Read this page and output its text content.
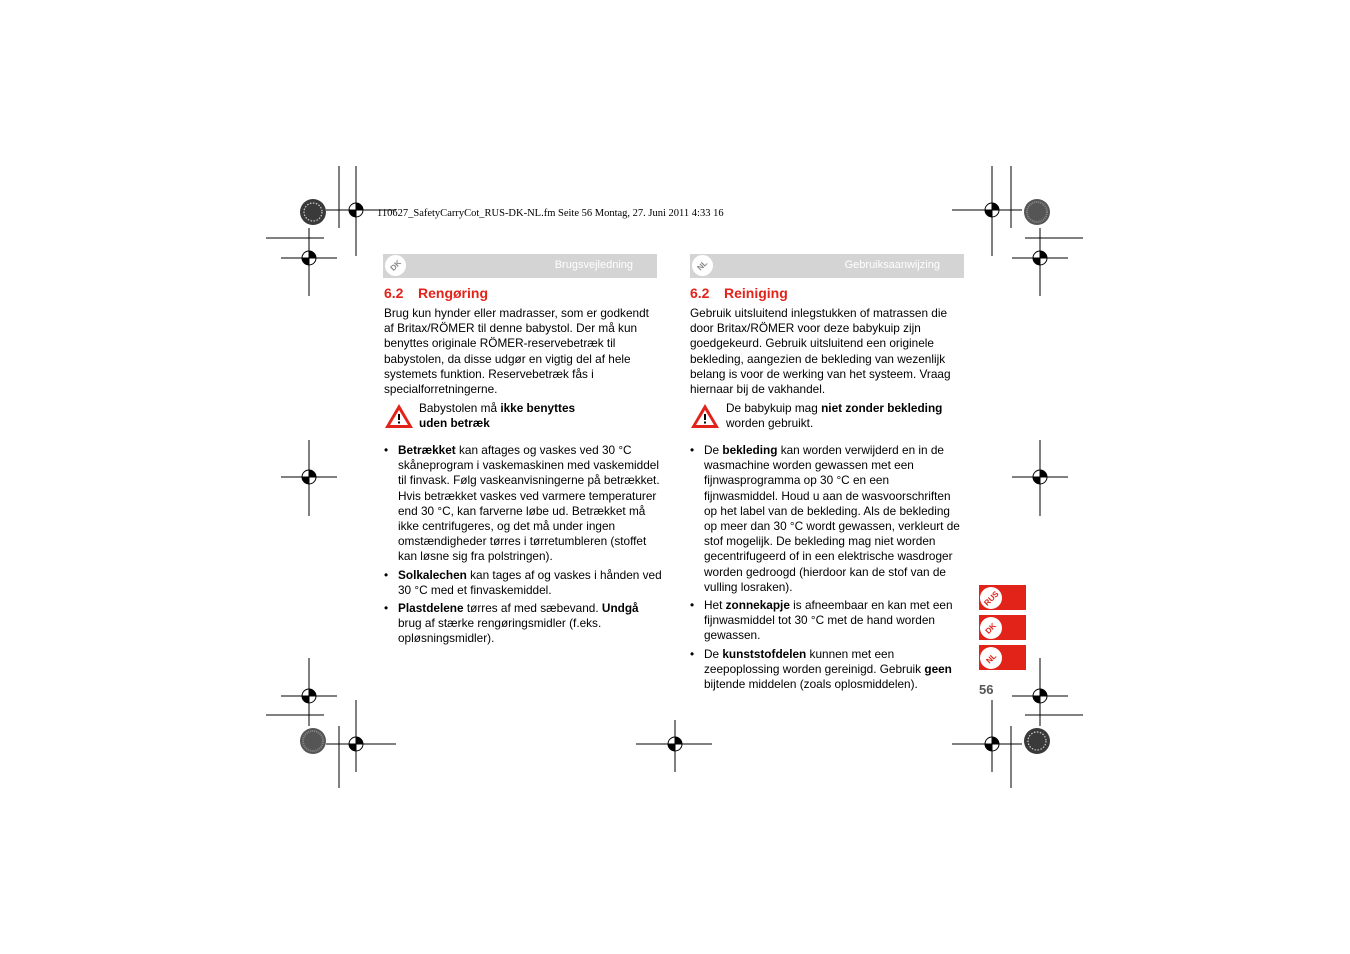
110627_SafetyCarryCot_RUS-DK-NL.fm Seite 56 Montag, 27. Juni 2011 4:33 16
DK	Brugsvejledning
6.2 Rengøring
Brug kun hynder eller madrasser, som er godkendt af Britax/RÖMER til denne babystol. Der må kun benyttes originale RÖMER-reservebetræk til babystolen, da disse udgør en vigtig del af hele systemets funktion. Reservebetræk fås i specialforretningerne.
Babystolen må ikke benyttes uden betræk
• Betrækket kan aftages og vaskes ved 30 °C skåneprogram i vaskemaskinen med vaskemiddel til finvask. Følg vaskeanvisningerne på betrækket. Hvis betrækket vaskes ved varmere temperaturer end 30 °C, kan farverne løbe ud. Betrækket må ikke centrifugeres, og det må under ingen omstændigheder tørres i tørretumbleren (stoffet kan løsne sig fra polstringen).
• Solkalechen kan tages af og vaskes i hånden ved 30 °C med et finvaskemiddel.
• Plastdelene tørres af med sæbevand. Undgå brug af stærke rengøringsmidler (f.eks. opløsningsmidler).
NL	Gebruiksaanwijzing
6.2 Reiniging
Gebruik uitsluitend inlegstukken of matrassen die door Britax/RÖMER voor deze babykuip zijn goedgekeurd. Gebruik uitsluitend een originele bekleding, aangezien de bekleding van wezenlijk belang is voor de werking van het systeem. Vraag hiernaar bij de vakhandel.
De babykuip mag niet zonder bekleding worden gebruikt.
• De bekleding kan worden verwijderd en in de wasmachine worden gewassen met een fijnwasprogramma op 30 °C en een fijnwasmiddel. Houd u aan de wasvoorschriften op het label van de bekleding. Als de bekleding op meer dan 30 °C wordt gewassen, verkleurt de stof mogelijk. De bekleding mag niet worden gecentrifugeerd of in een elektrische wasdroger worden gedroogd (hierdoor kan de stof van de vulling losraken).
• Het zonnekapje is afneembaar en kan met een fijnwasmiddel tot 30 °C met de hand worden gewassen.
• De kunststofdelen kunnen met een zeepoplossing worden gereinigd. Gebruik geen bijtende middelen (zoals oplosmiddelen).
RUS
DK
NL
56
